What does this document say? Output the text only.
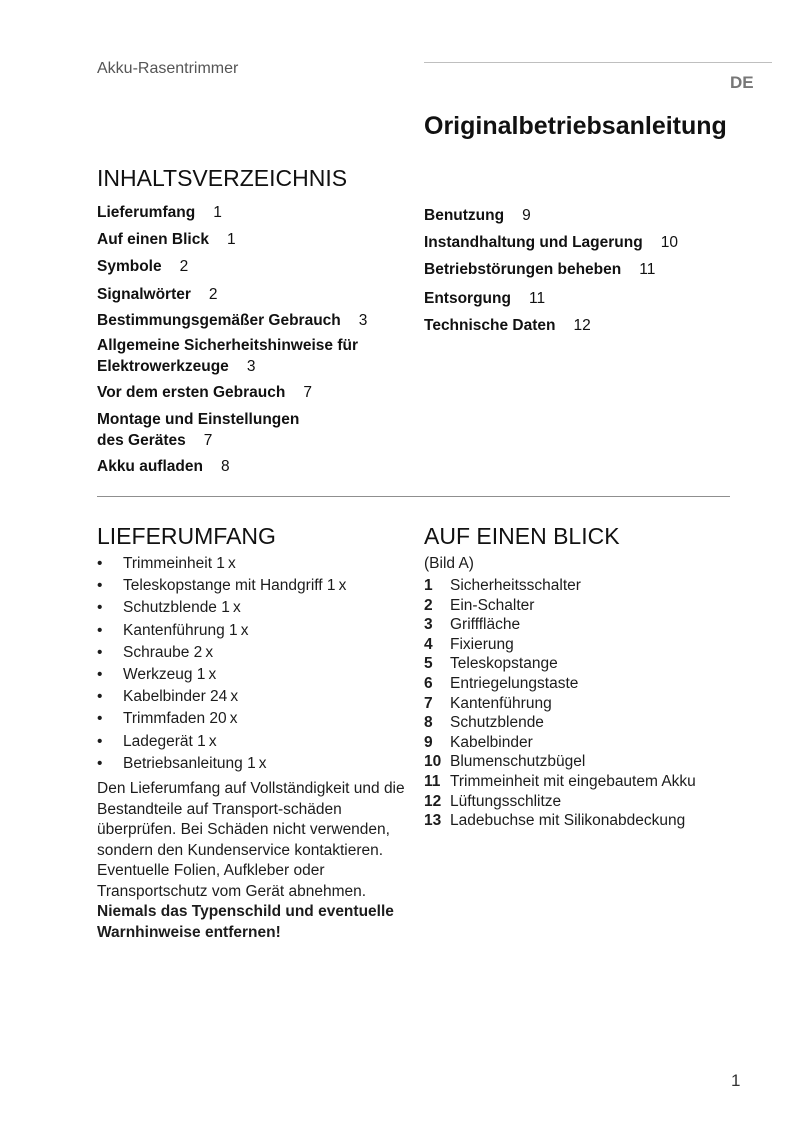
Akku-Rasentrimmer
DE
Originalbetriebsanleitung
INHALTSVERZEICHNIS
Lieferumfang 1
Auf einen Blick 1
Symbole 2
Signalwörter 2
Bestimmungsgemäßer Gebrauch 3
Allgemeine Sicherheitshinweise für
Elektrowerkzeuge 3
Vor dem ersten Gebrauch 7
Montage und Einstellungen
des Gerätes 7
Akku aufladen 8
Benutzung 9
Instandhaltung und Lagerung 10
Betriebstörungen beheben 11
Entsorgung 11
Technische Daten 12
LIEFERUMFANG
• Trimmeinheit 1 x
• Teleskopstange mit Handgriff 1 x
• Schutzblende 1 x
• Kantenführung 1 x
• Schraube 2 x
• Werkzeug 1 x
• Kabelbinder 24 x
• Trimmfaden 20 x
• Ladegerät 1 x
• Betriebsanleitung 1 x

Den Lieferumfang auf Vollständigkeit und die Bestandteile auf Transport-schäden überprüfen. Bei Schäden nicht verwenden, sondern den Kundenservice kontaktieren.

Eventuelle Folien, Aufkleber oder Transportschutz vom Gerät abnehmen.

Niemals das Typenschild und eventuelle Warnhinweise entfernen!

AUF EINEN BLICK
(Bild A)
1 Sicherheitsschalter
2 Ein-Schalter
3 Grifffläche
4 Fixierung
5 Teleskopstange
6 Entriegelungstaste
7 Kantenführung
8 Schutzblende
9 Kabelbinder
10 Blumenschutzbügel
11 Trimmeinheit mit eingebautem Akku
12 Lüftungsschlitze
13 Ladebuchse mit Silikonabdeckung
1
